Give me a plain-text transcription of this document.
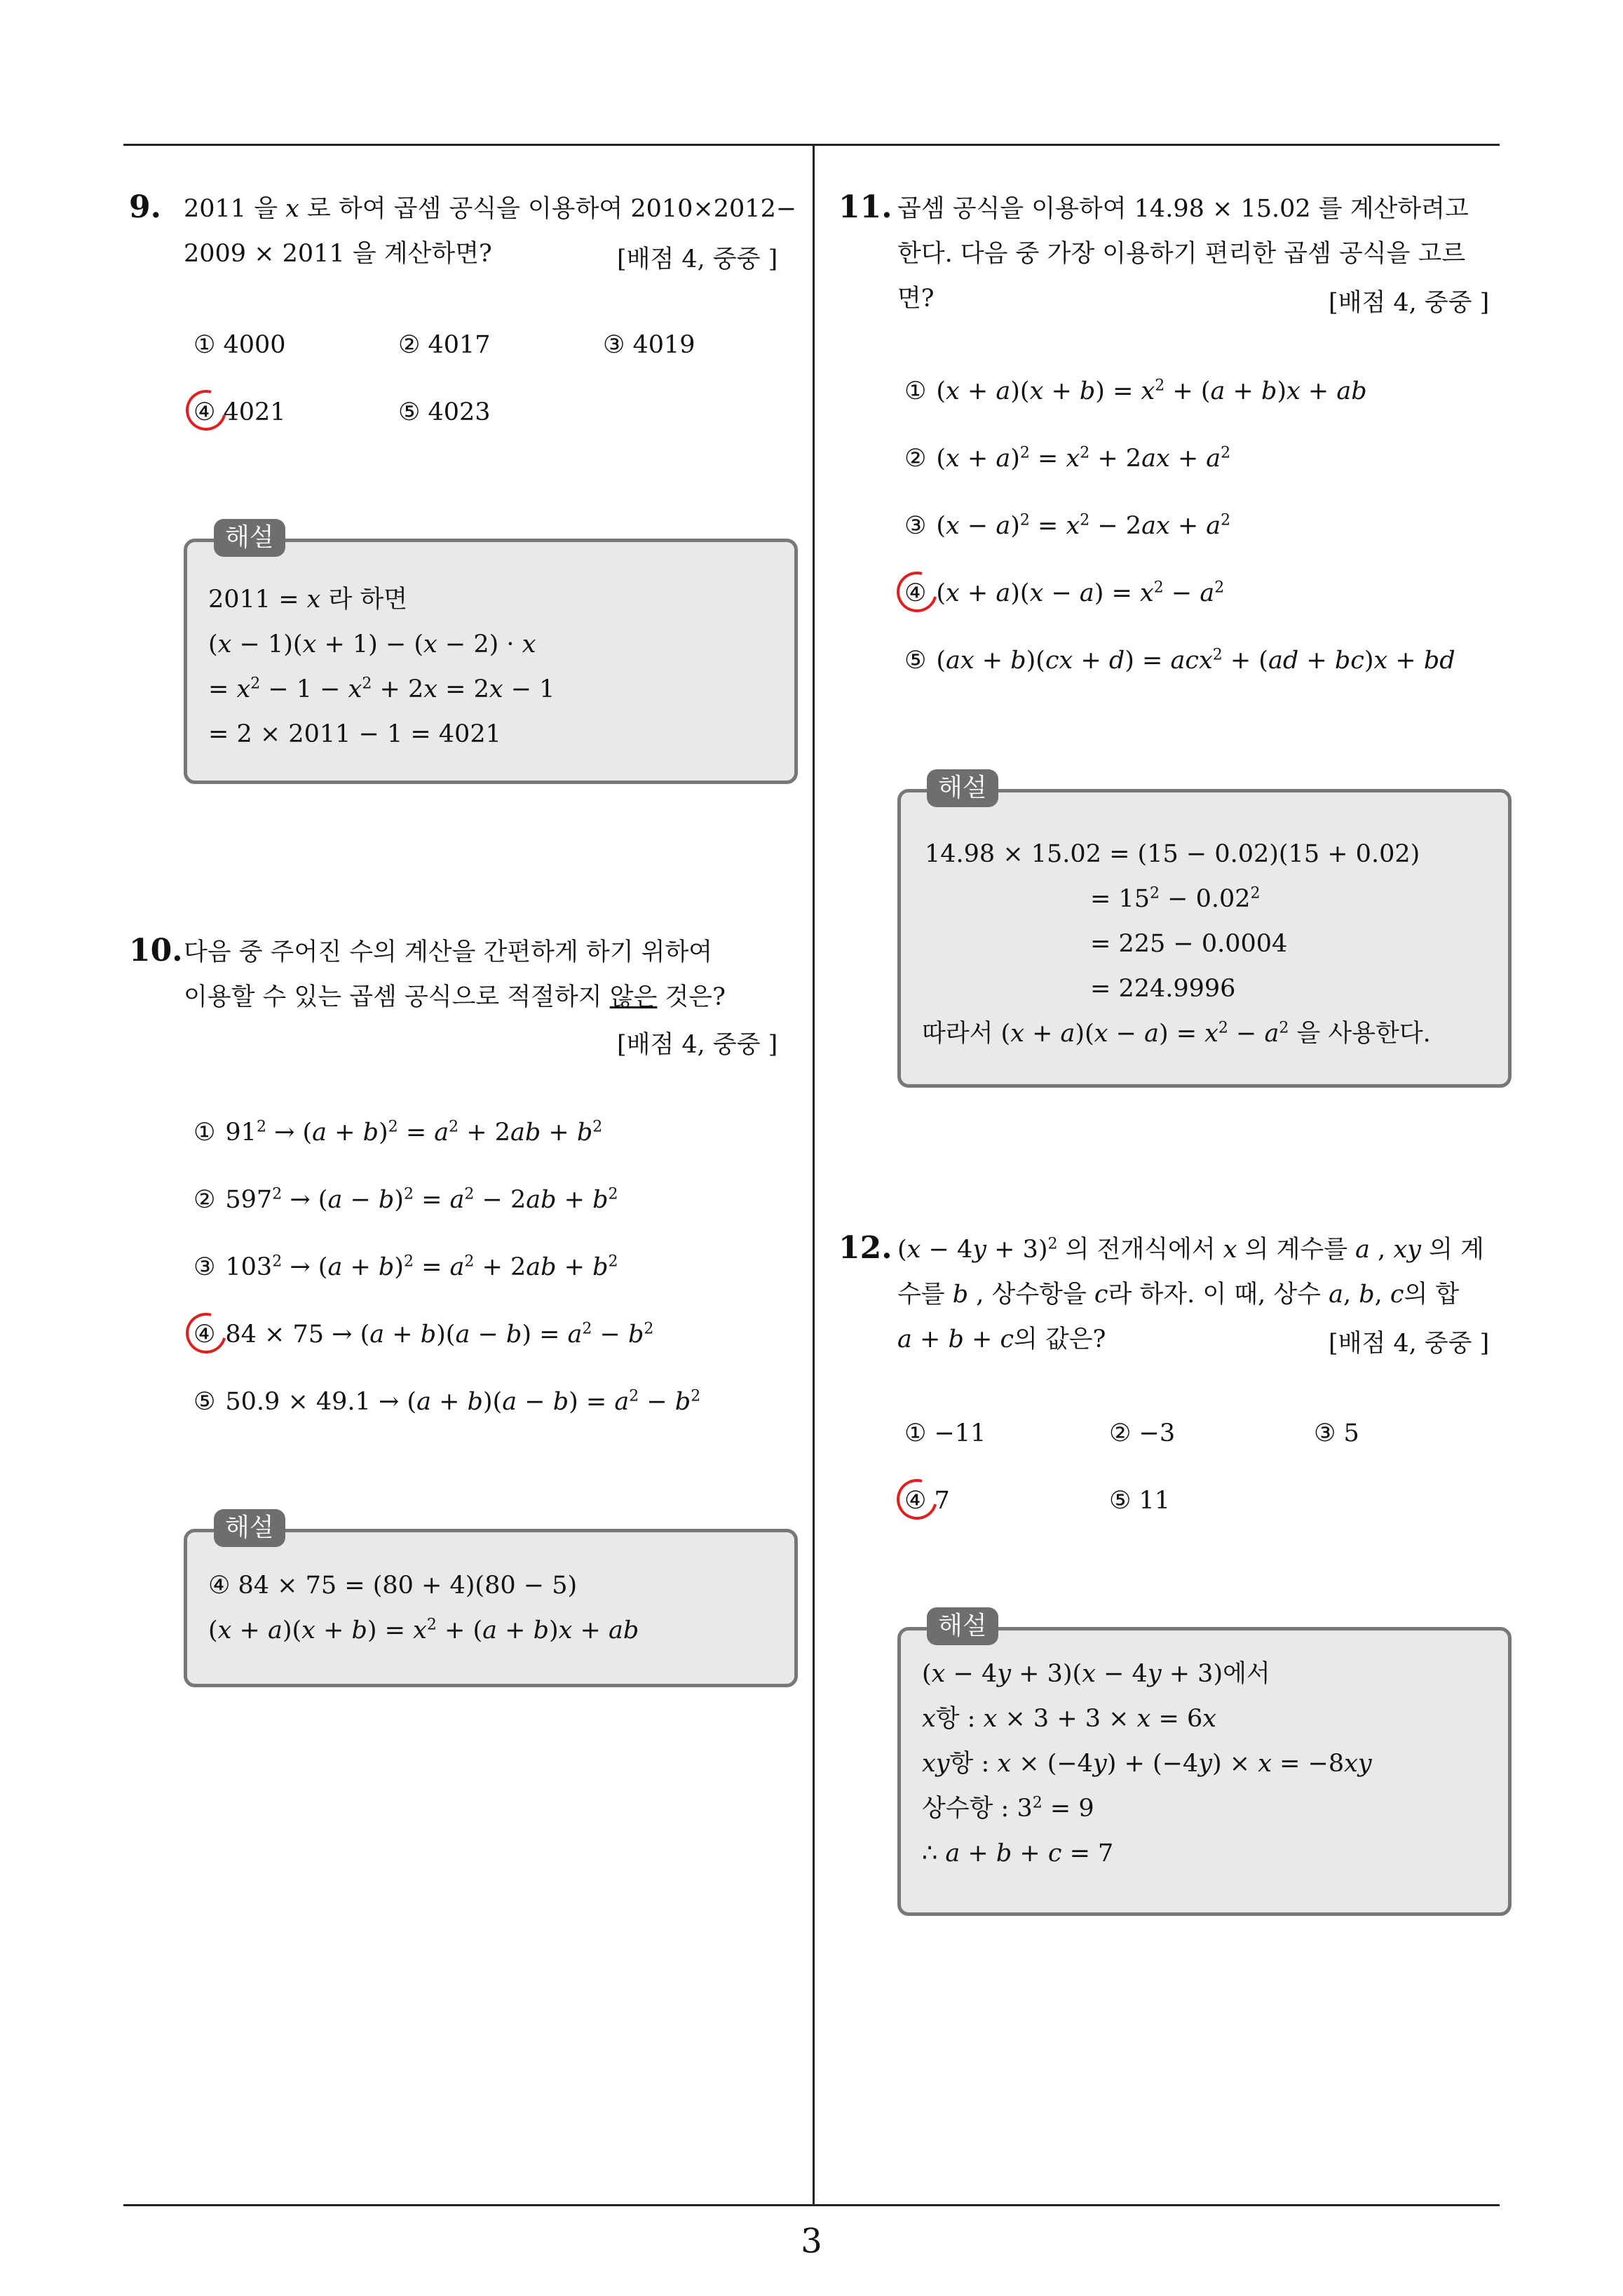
3
9. 2011 을 x 로 하여 곱셈 공식을 이용하여 2010×2012−
2009 × 2011 을 계산하면?	[배점 4, 중중 ]
① 4000	② 4017	③ 4019
④ 4021	⑤ 4023
2011 = x 라 하면
(x − 1)(x + 1) − (x − 2) · x
= $x^2 - 1 - x^2 + 2x = 2x - 1$
= 2 × 2011 − 1 = 4021
해설
10. 다음 중 주어진 수의 계산을 간편하게 하기 위하여
이용할 수 있는 곱셈 공식으로 적절하지 않은 것은?
[배점 4, 중중 ]
① $91^2 \to (a + b)^2 = a^2 + 2ab + b^2$
② $597^2 \to (a - b)^2 = a^2 - 2ab + b^2$
③ $103^2 \to (a + b)^2 = a^2 + 2ab + b^2$
④ $84 \times 75 \to (a + b)(a - b) = a^2 - b^2$
⑤ $50.9 \times 49.1 \to (a + b)(a - b) = a^2 - b^2$
④ 84 × 75 = (80 + 4)(80 − 5)
$(x + a)(x + b) = x^2 + (a + b)x$ + ab
해설
11. 곱셈 공식을 이용하여 14.98 × 15.02 를 계산하려고
한다. 다음 중 가장 이용하기 편리한 곱셈 공식을 고르
면?	[배점 4, 중중 ]
① $(x + a)(x + b) = x^2 + (a + b)x$ + ab
② $(x + a)^2 = x^2 + 2ax + a^2$
③ $(x - a)^2 = x^2 - 2ax + a^2$
④ $(x + a)(x - a) = x^2 - a^2$
⑤ (ax + b)(cx + d) = acx$^2$ + (ad + bc)x + bd
14.98 × 15.02 = (15 − 0.02)(15 + 0.02)
= $15^2 - 0.02^2$
= 225 − 0.0004
= 224.9996
따라서 $(x + a)(x - a) = x^2 - a^2$ 을 사용한다.
해설
12. $(x - 4y + 3)^2$ 의 전개식에서 x 의 계수를 a , xy 의 계
수를 b , 상수항을 c라 하자. 이 때, 상수 a, b, c의 합
a + b + c의 값은?	[배점 4, 중중 ]
① −11	② −3	③ 5
④ 7	⑤ 11
(x − 4y + 3)(x − 4y + 3)에서
x항 : x × 3 + 3 × x = 6x
xy항 : x × (−4y) + (−4y) × x = −8xy
상수항 : $3^2 = 9$
∴ a + b + c = 7
해설
